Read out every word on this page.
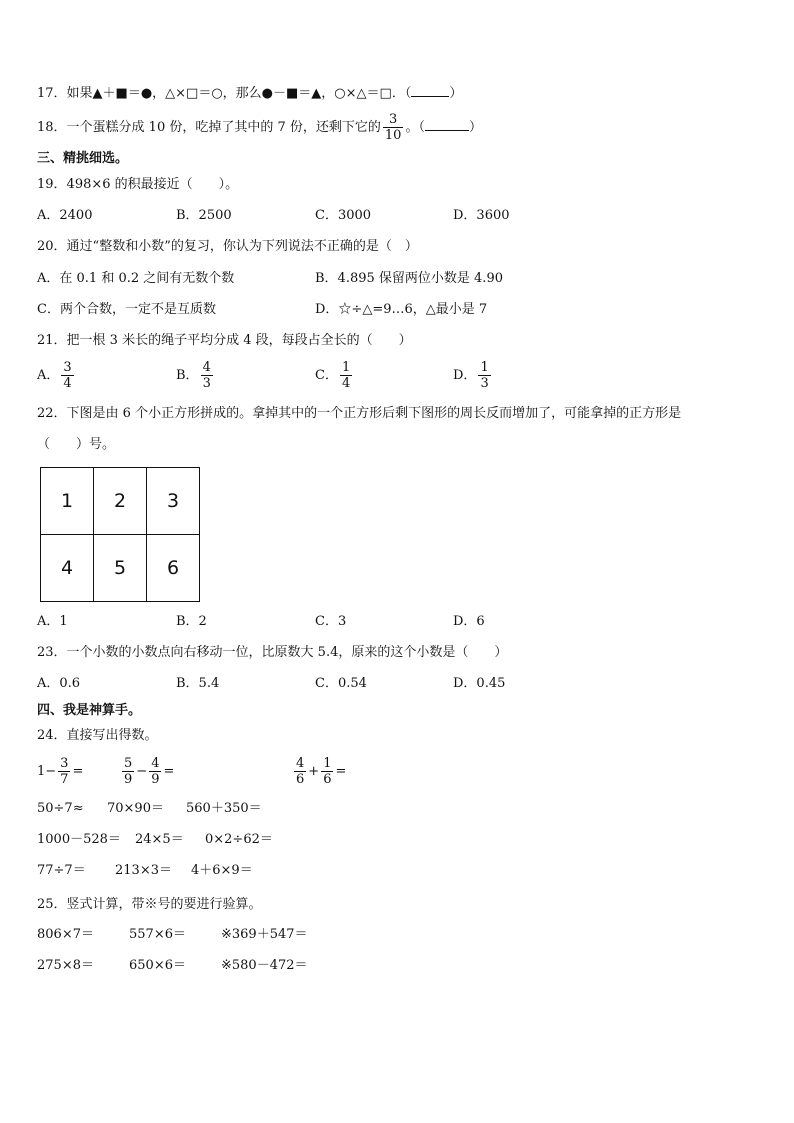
17．如果▲＋■＝●，△×□＝○，那么●－■＝▲，○×△＝□．（	）
18．一个蛋糕分成 10 份，吃掉了其中的 7 份，还剩下它的 $\frac{3}{10}$ 。（	）
三、精挑细选。
19．498×6 的积最接近（　　）。
A．2400	B．2500	C．3000	D．3600
20．通过“整数和小数”的复习，你认为下列说法不正确的是（　）
A．在 0.1 和 0.2 之间有无数个数	B．4.895 保留两位小数是 4.90
C．两个合数，一定不是互质数	D．☆÷△=9…6，△最小是 7
21．把一根 3 米长的绳子平均分成 4 段，每段占全长的（　　）
A． $\frac{3}{4}$	B． $\frac{4}{3}$	C． $\frac{1}{4}$	D． $\frac{1}{3}$
22．下图是由 6 个小正方形拼成的。拿掉其中的一个正方形后剩下图形的周长反而增加了，可能拿掉的正方形是
（　　）号。
1	2	3
4	5	6
A．1	B．2	C．3	D．6
23．一个小数的小数点向右移动一位，比原数大 5.4，原来的这个小数是（　　）
A．0.6	B．5.4	C．0.54	D．0.45
四、我是神算手。
24．直接写出得数。
$1- \frac{3}{7}$ =	$\frac{5}{9} - \frac{4}{9}$ =	$\frac{4}{6} + \frac{1}{6}$ =
50÷7≈ 70×90＝ 560＋350＝
1000－528＝ 24×5＝ 0×2÷62＝
77÷7＝ 213×3＝ 4＋6×9＝
25．竖式计算，带※号的要进行验算。
806×7＝	557×6＝	※369＋547＝
275×8＝	650×6＝	※580－472＝
